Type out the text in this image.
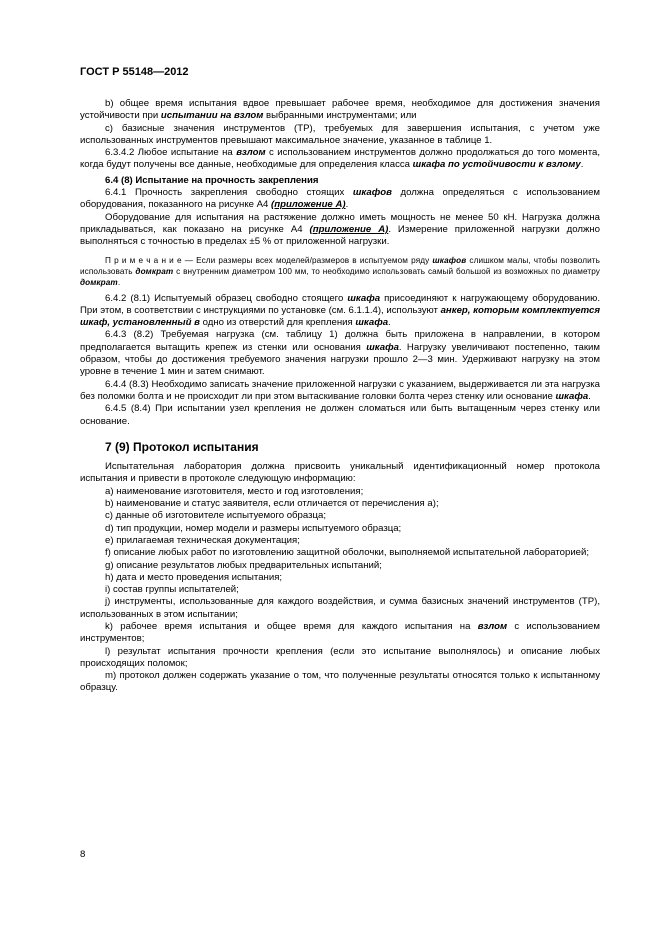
ГОСТ Р 55148—2012

b) общее время испытания вдвое превышает рабочее время, необходимое для достижения значения устойчивости при испытании на взлом выбранными инструментами; или

c) базисные значения инструментов (ТР), требуемых для завершения испытания, с учетом уже использованных инструментов превышают максимальное значение, указанное в таблице 1.

6.3.4.2 Любое испытание на взлом с использованием инструментов должно продолжаться до того момента, когда будут получены все данные, необходимые для определения класса шкафа по устойчивости к взлому.

6.4 (8) Испытание на прочность закрепления

6.4.1 Прочность закрепления свободно стоящих шкафов должна определяться с использованием оборудования, показанного на рисунке А4 (приложение А).

Оборудование для испытания на растяжение должно иметь мощность не менее 50 кН. Нагрузка должна прикладываться, как показано на рисунке А4 (приложение А). Измерение приложенной нагрузки должно выполняться с точностью в пределах ±5 % от приложенной нагрузки.

П р и м е ч а н и е — Если размеры всех моделей/размеров в испытуемом ряду шкафов слишком малы, чтобы позволить использовать домкрат с внутренним диаметром 100 мм, то необходимо использовать самый большой из возможных по диаметру домкрат.

6.4.2 (8.1) Испытуемый образец свободно стоящего шкафа присоединяют к нагружающему оборудованию. При этом, в соответствии с инструкциями по установке (см. 6.1.1.4), используют анкер, которым комплектуется шкаф, установленный в одно из отверстий для крепления шкафа.

6.4.3 (8.2) Требуемая нагрузка (см. таблицу 1) должна быть приложена в направлении, в котором предполагается вытащить крепеж из стенки или основания шкафа. Нагрузку увеличивают постепенно, таким образом, чтобы до достижения требуемого значения нагрузки прошло 2—3 мин. Удерживают нагрузку на этом уровне в течение 1 мин и затем снимают.

6.4.4 (8.3) Необходимо записать значение приложенной нагрузки с указанием, выдерживается ли эта нагрузка без поломки болта и не происходит ли при этом вытаскивание головки болта через стенку или основание шкафа.

6.4.5 (8.4) При испытании узел крепления не должен сломаться или быть вытащенным через стенку или основание.

7 (9) Протокол испытания

Испытательная лаборатория должна присвоить уникальный идентификационный номер протокола испытания и привести в протоколе следующую информацию:

a) наименование изготовителя, место и год изготовления;

b) наименование и статус заявителя, если отличается от перечисления а);

c) данные об изготовителе испытуемого образца;

d) тип продукции, номер модели и размеры испытуемого образца;

e) прилагаемая техническая документация;

f) описание любых работ по изготовлению защитной оболочки, выполняемой испытательной лабораторией;

g) описание результатов любых предварительных испытаний;

h) дата и место проведения испытания;

i) состав группы испытателей;

j) инструменты, использованные для каждого воздействия, и сумма базисных значений инструментов (ТР), использованных в этом испытании;

k) рабочее время испытания и общее время для каждого испытания на взлом с использованием инструментов;

l) результат испытания прочности крепления (если это испытание выполнялось) и описание любых происходящих поломок;

m) протокол должен содержать указание о том, что полученные результаты относятся только к испытанному образцу.

8
